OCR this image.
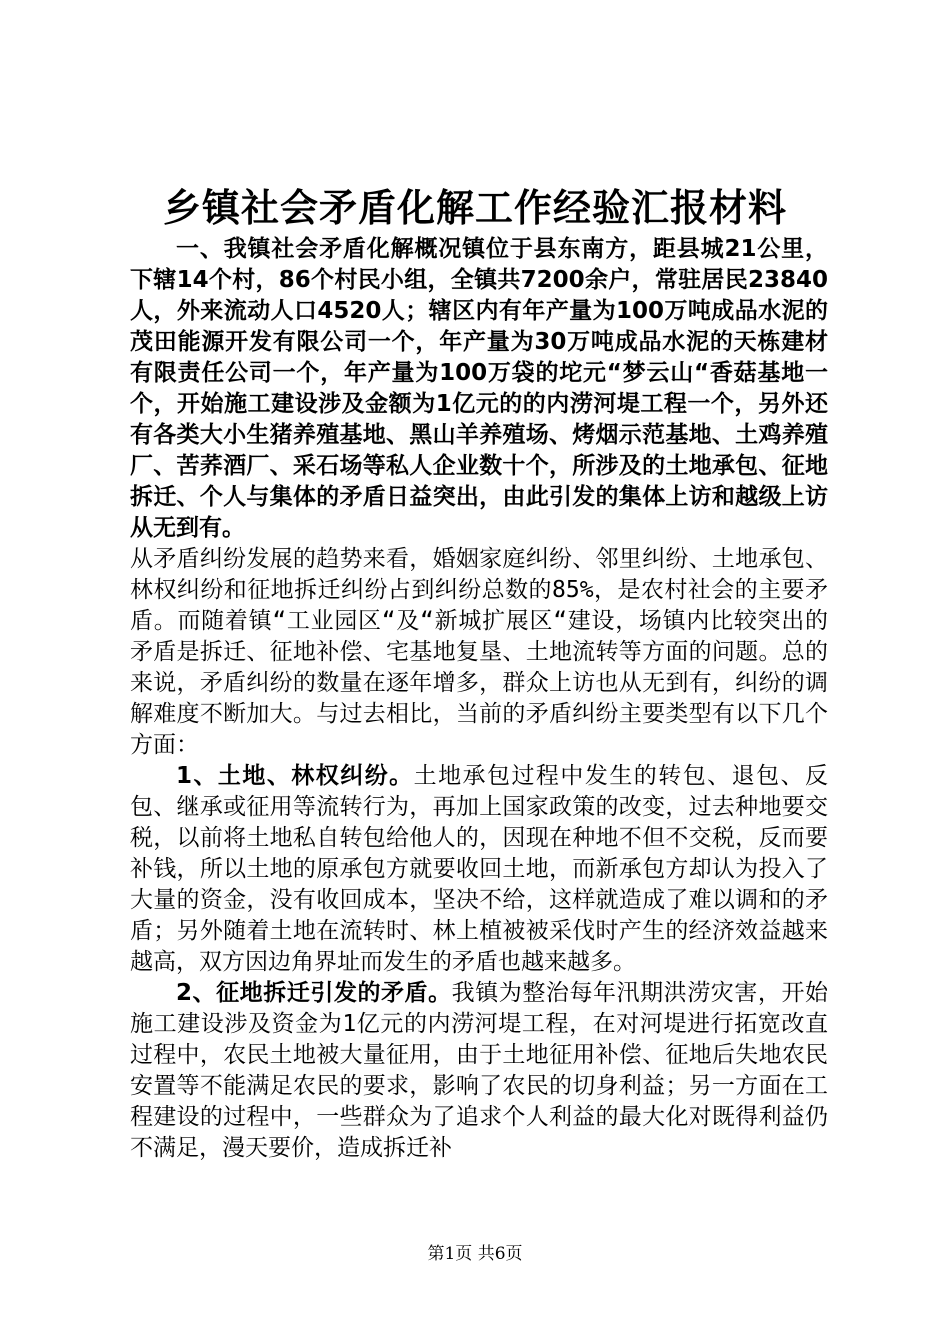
乡镇社会矛盾化解工作经验汇报材料

一、我镇社会矛盾化解概况镇位于县东南方，距县城21公里，下辖14个村，86个村民小组，全镇共7200余户，常驻居民23840人，外来流动人口4520人；辖区内有年产量为100万吨成品水泥的茂田能源开发有限公司一个，年产量为30万吨成品水泥的天栋建材有限责任公司一个，年产量为100万袋的坨元“梦云山“香菇基地一个，开始施工建设涉及金额为1亿元的的内涝河堤工程一个，另外还有各类大小生猪养殖基地、黑山羊养殖场、烤烟示范基地、土鸡养殖厂、苦荞酒厂、采石场等私人企业数十个，所涉及的土地承包、征地拆迁、个人与集体的矛盾日益突出，由此引发的集体上访和越级上访从无到有。

从矛盾纠纷发展的趋势来看，婚姻家庭纠纷、邻里纠纷、土地承包、林权纠纷和征地拆迁纠纷占到纠纷总数的85%，是农村社会的主要矛盾。而随着镇“工业园区“及“新城扩展区“建设，场镇内比较突出的矛盾是拆迁、征地补偿、宅基地复垦、土地流转等方面的问题。总的来说，矛盾纠纷的数量在逐年增多，群众上访也从无到有，纠纷的调解难度不断加大。与过去相比，当前的矛盾纠纷主要类型有以下几个方面：

1、土地、林权纠纷。土地承包过程中发生的转包、退包、反包、继承或征用等流转行为，再加上国家政策的改变，过去种地要交税，以前将土地私自转包给他人的，因现在种地不但不交税，反而要补钱，所以土地的原承包方就要收回土地，而新承包方却认为投入了大量的资金，没有收回成本，坚决不给，这样就造成了难以调和的矛盾；另外随着土地在流转时、林上植被被采伐时产生的经济效益越来越高，双方因边角界址而发生的矛盾也越来越多。

2、征地拆迁引发的矛盾。我镇为整治每年汛期洪涝灾害，开始施工建设涉及资金为1亿元的内涝河堤工程，在对河堤进行拓宽改直过程中，农民土地被大量征用，由于土地征用补偿、征地后失地农民安置等不能满足农民的要求，影响了农民的切身利益；另一方面在工程建设的过程中，一些群众为了追求个人利益的最大化对既得利益仍不满足，漫天要价，造成拆迁补

第1页 共6页
